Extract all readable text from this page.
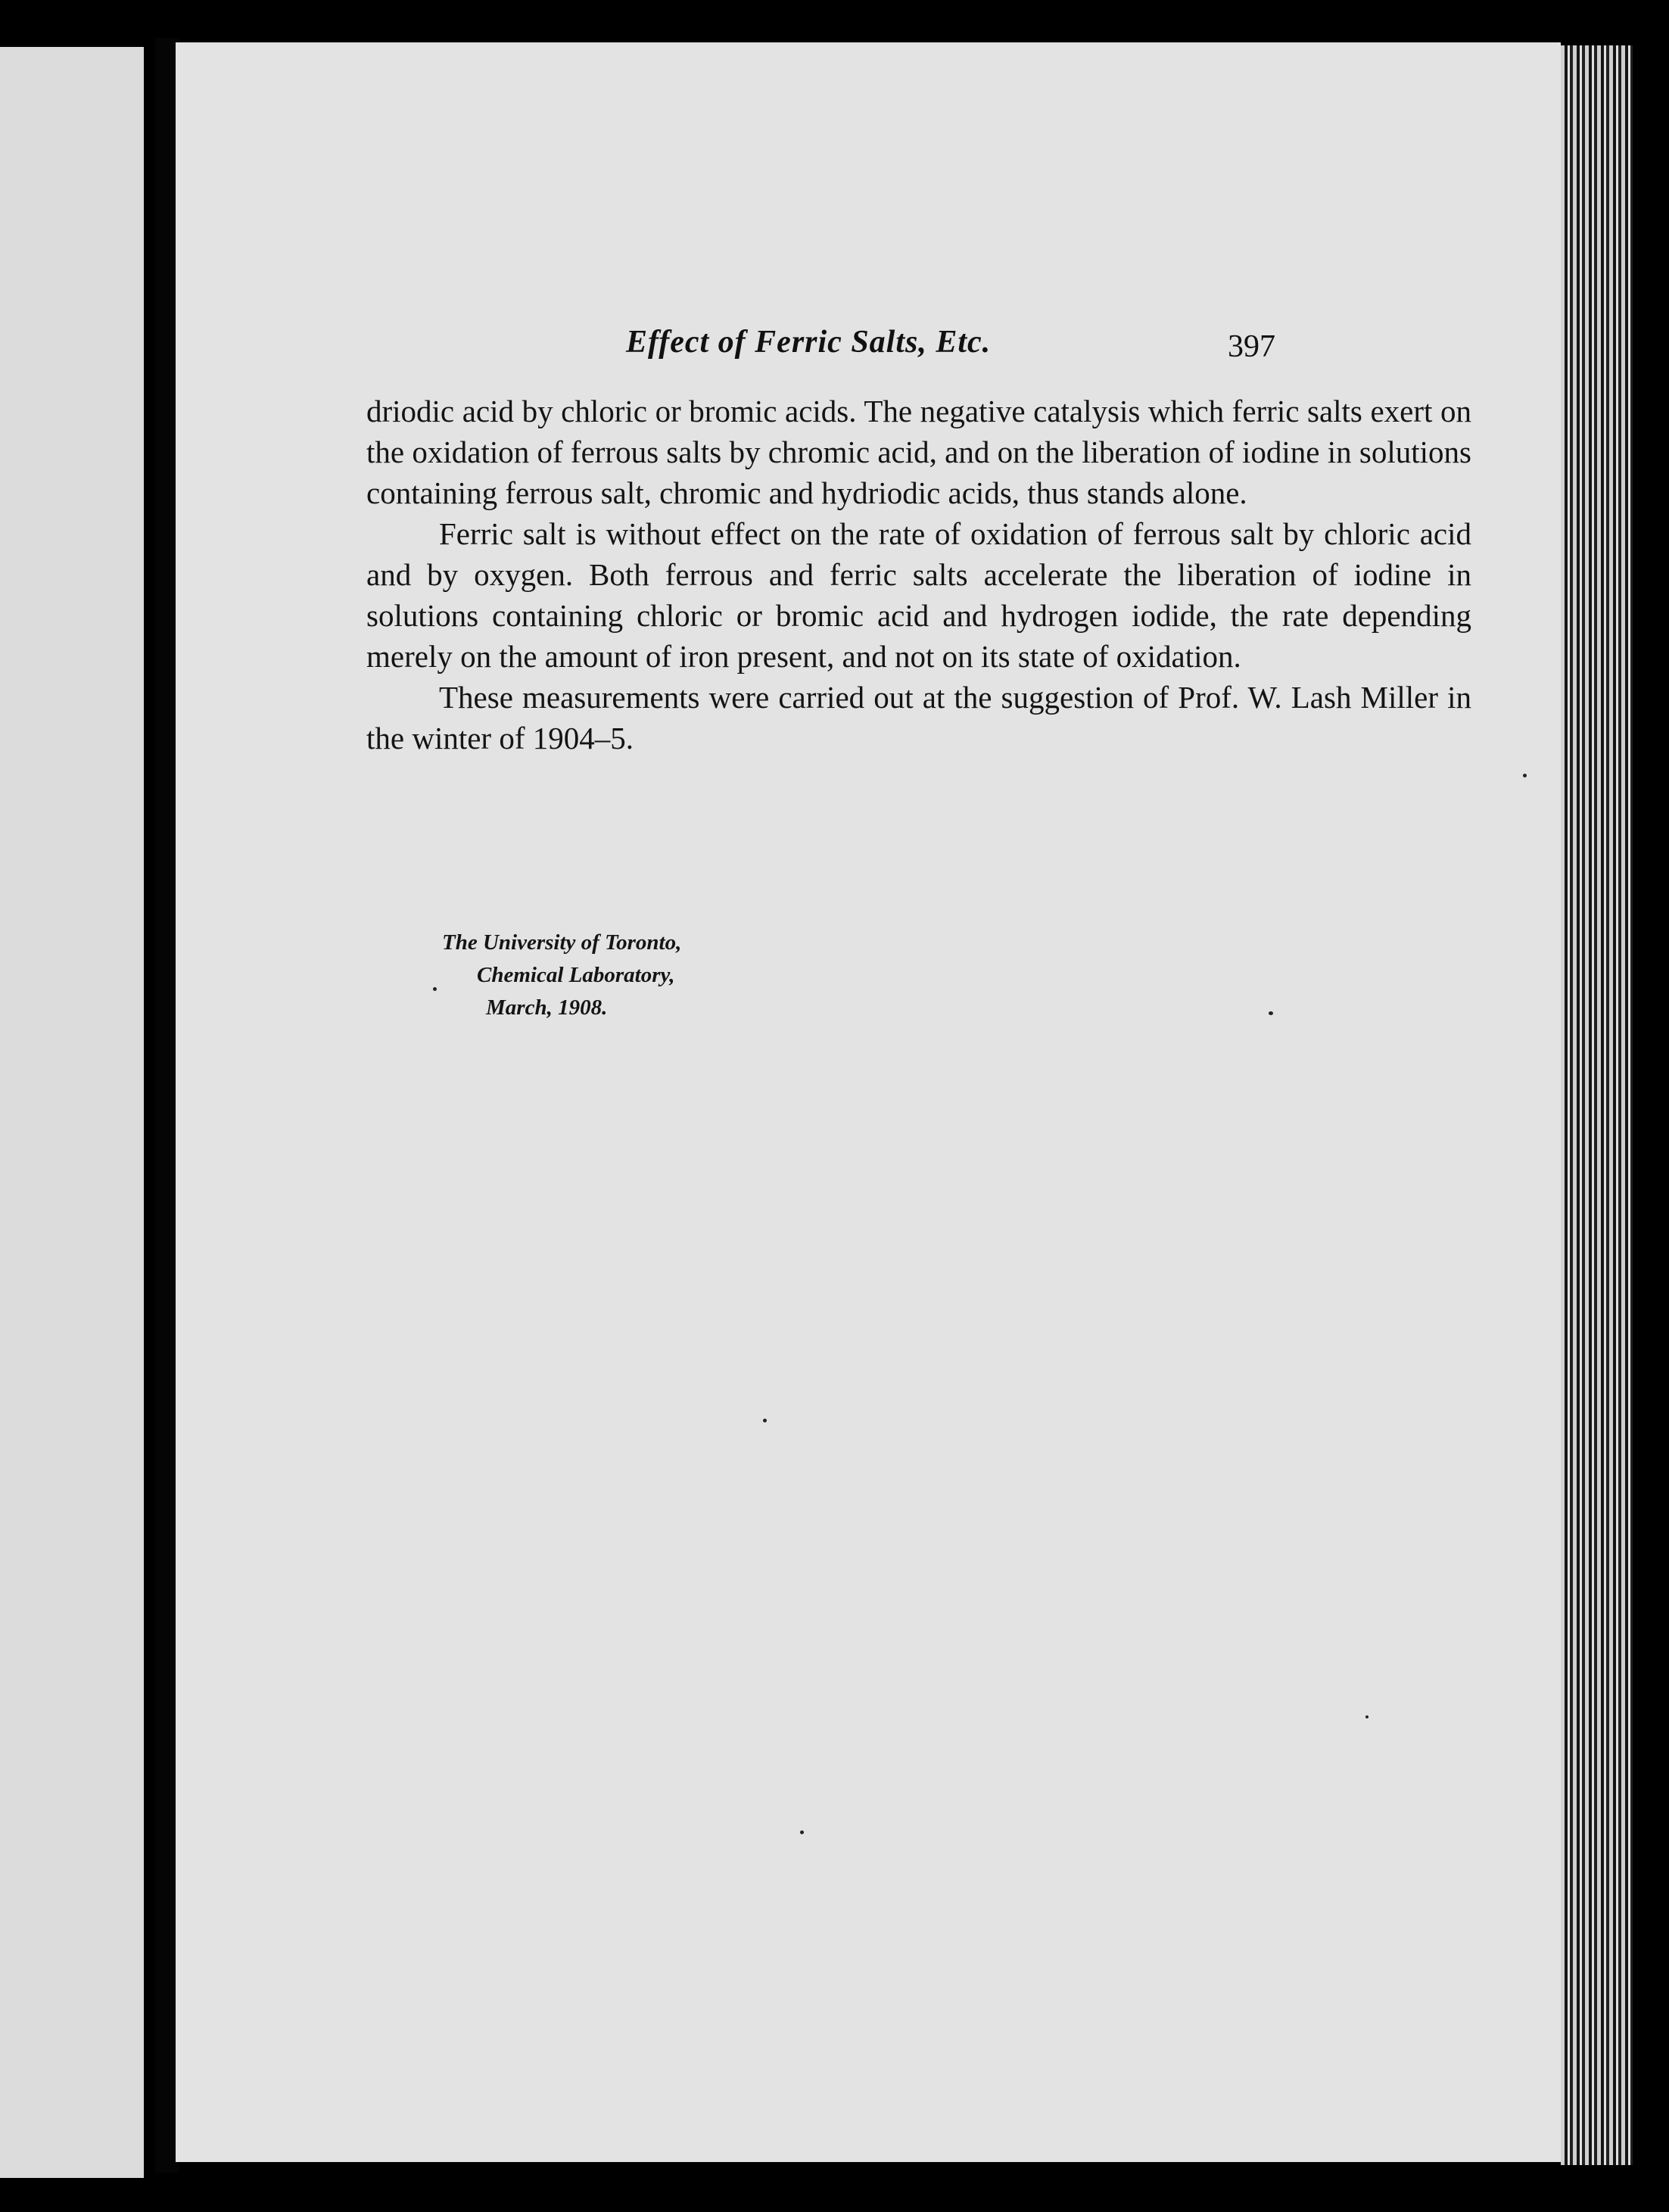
Effect of Ferric Salts, Etc.	397

driodic acid by chloric or bromic acids. The negative catalysis which ferric salts exert on the oxidation of ferrous salts by chromic acid, and on the liberation of iodine in solutions containing ferrous salt, chromic and hydriodic acids, thus stands alone.

Ferric salt is without effect on the rate of oxidation of ferrous salt by chloric acid and by oxygen. Both ferrous and ferric salts accelerate the liberation of iodine in solutions containing chloric or bromic acid and hydrogen iodide, the rate depending merely on the amount of iron present, and not on its state of oxidation.

These measurements were carried out at the suggestion of Prof. W. Lash Miller in the winter of 1904–5.

The University of Toronto,
Chemical Laboratory,
March, 1908.
